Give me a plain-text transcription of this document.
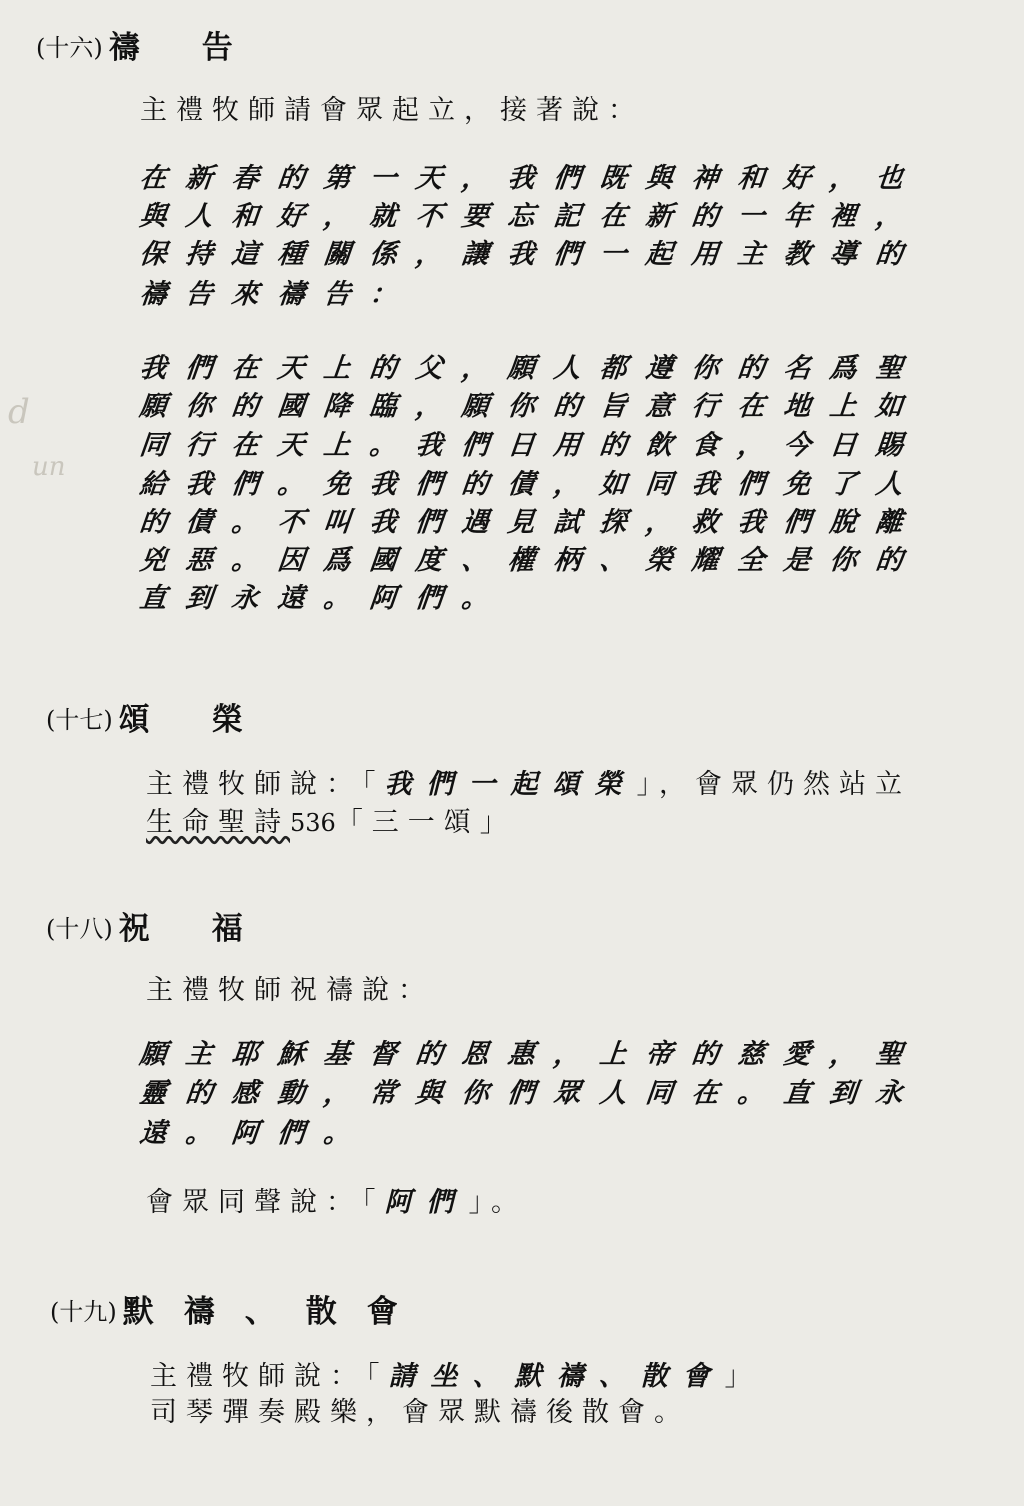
d
un
(十六) 禱告
主禮牧師請會眾起立，接著說：
在新春的第一天，我們既與神和好，也
與人和好，就不要忘記在新的一年裡，
保持這種關係，讓我們一起用主教導的
禱告來禱告：
我們在天上的父，願人都遵你的名爲聖
願你的國降臨，願你的旨意行在地上如
同行在天上。我們日用的飲食，今日賜
給我們。免我們的債，如同我們免了人
的債。不叫我們遇見試探，救我們脫離
兇惡。因爲國度、權柄、榮耀全是你的
直到永遠。阿們。
(十七) 頌榮
主禮牧師說：「我們一起頌榮」，會眾仍然站立
生命聖詩536「三一頌」
(十八) 祝福
主禮牧師祝禱說：
願主耶穌基督的恩惠，上帝的慈愛，聖
靈的感動，常與你們眾人同在。直到永
遠。阿們。
會眾同聲說：「阿們」。
(十九) 默禱、散會
主禮牧師說：「請坐、默禱、散會」
司琴彈奏殿樂，會眾默禱後散會。
